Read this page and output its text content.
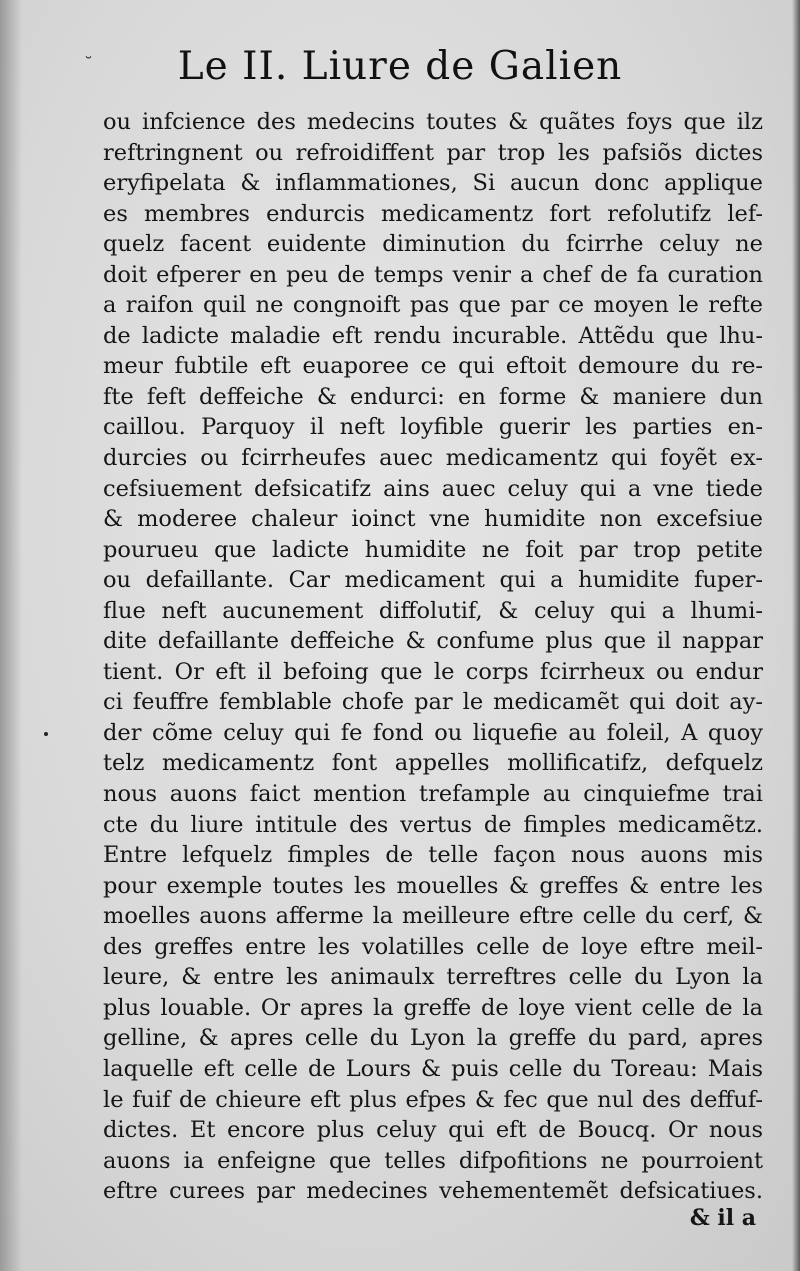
˘ Le II. Liure de Galien
ou infcience des medecins toutes & quãtes foys que ilz
reftringnent ou refroidiffent par trop les pafsiõs dictes
eryfipelata & inflammationes, Si aucun donc applique
es membres endurcis medicamentz fort refolutifz lef-
quelz facent euidente diminution du fcirrhe celuy ne
doit efperer en peu de temps venir a chef de fa curation
a raifon quil ne congnoift pas que par ce moyen le refte
de ladicte maladie eft rendu incurable. Attẽdu que lhu-
meur fubtile eft euaporee ce qui eftoit demoure du re-
fte feft deffeiche & endurci: en forme & maniere dun
caillou. Parquoy il neft loyfible guerir les parties en-
durcies ou fcirrheufes auec medicamentz qui foyẽt ex-
cefsiuement defsicatifz ains auec celuy qui a vne tiede
& moderee chaleur ioinct vne humidite non excefsiue
pourueu que ladicte humidite ne foit par trop petite
ou defaillante. Car medicament qui a humidite fuper-
flue neft aucunement diffolutif, & celuy qui a lhumi-
dite defaillante deffeiche & confume plus que il nappar
tient. Or eft il befoing que le corps fcirrheux ou endur
ci feuffre femblable chofe par le medicamẽt qui doit ay-
der cõme celuy qui fe fond ou liquefie au foleil, A quoy
telz medicamentz font appelles mollificatifz, defquelz
nous auons faict mention trefample au cinquiefme trai
cte du liure intitule des vertus de fimples medicamẽtz.
Entre lefquelz fimples de telle façon nous auons mis
pour exemple toutes les mouelles & greffes & entre les
moelles auons afferme la meilleure eftre celle du cerf, &
des greffes entre les volatilles celle de loye eftre meil-
leure, & entre les animaulx terreftres celle du Lyon la
plus louable. Or apres la greffe de loye vient celle de la
gelline, & apres celle du Lyon la greffe du pard, apres
laquelle eft celle de Lours & puis celle du Toreau: Mais
le fuif de chieure eft plus efpes & fec que nul des deffuf-
dictes. Et encore plus celuy qui eft de Boucq. Or nous
auons ia enfeigne que telles difpofitions ne pourroient
eftre curees par medecines vehementemẽt defsicatiues.
& il a
